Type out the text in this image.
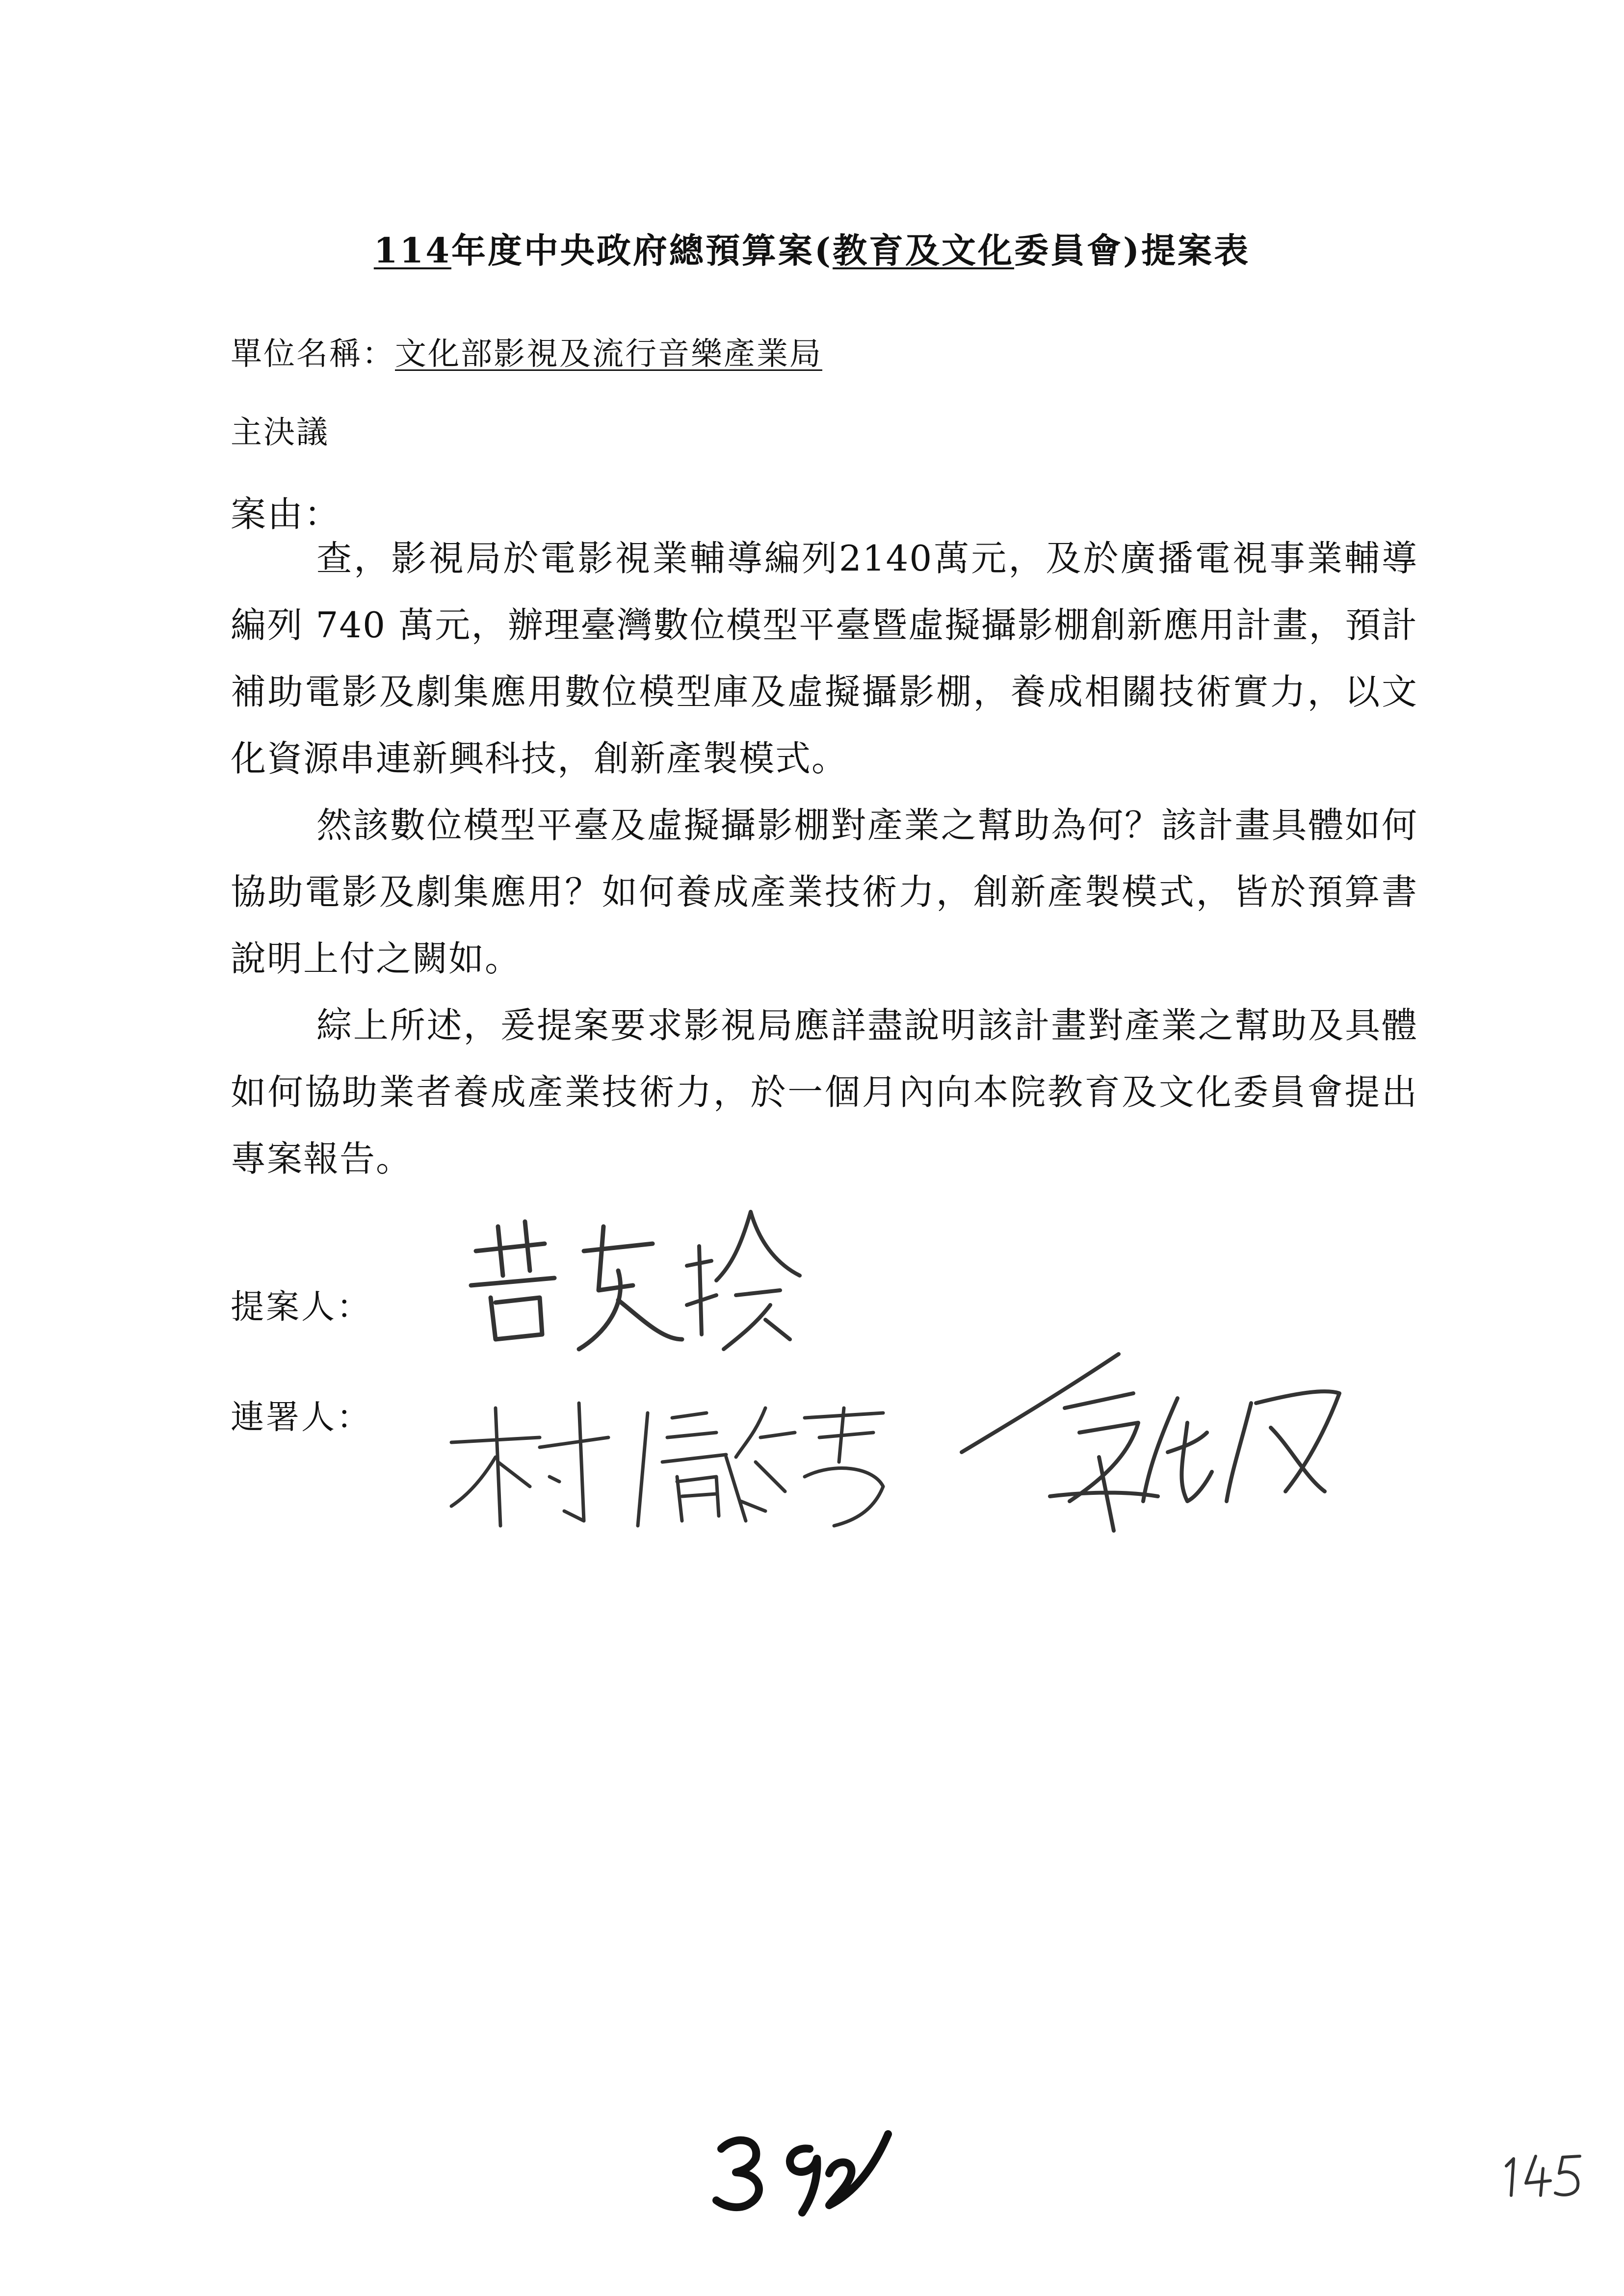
114年度中央政府總預算案(教育及文化委員會)提案表
單位名稱：文化部影視及流行音樂產業局
主決議
案由：

查，影視局於電影視業輔導編列2140萬元，及於廣播電視事業輔導編列 740 萬元，辦理臺灣數位模型平臺暨虛擬攝影棚創新應用計畫，預計補助電影及劇集應用數位模型庫及虛擬攝影棚，養成相關技術實力，以文化資源串連新興科技，創新產製模式。

然該數位模型平臺及虛擬攝影棚對產業之幫助為何？該計畫具體如何協助電影及劇集應用？如何養成產業技術力，創新產製模式，皆於預算書說明上付之闕如。

綜上所述，爰提案要求影視局應詳盡說明該計畫對產業之幫助及具體如何協助業者養成產業技術力，於一個月內向本院教育及文化委員會提出專案報告。

提案人：
連署人：
